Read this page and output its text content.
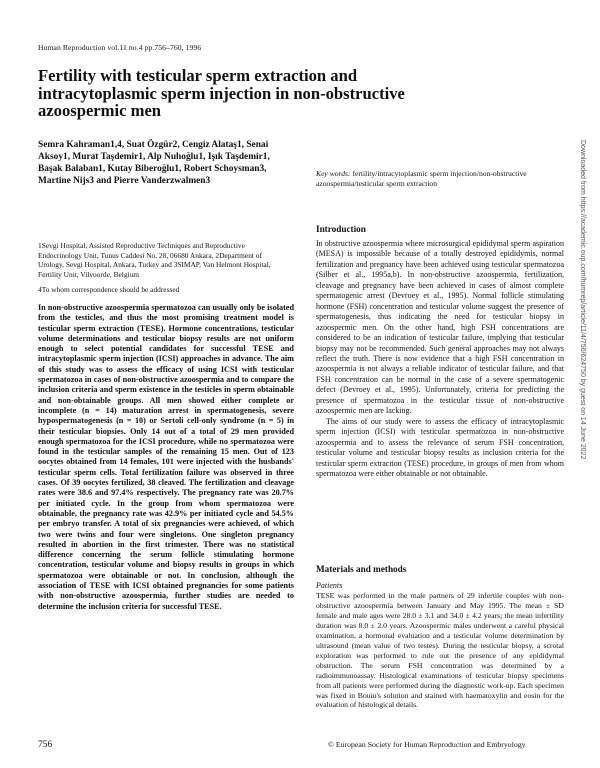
Human Reproduction vol.11 no.4 pp.756–760, 1996
Fertility with testicular sperm extraction and intracytoplasmic sperm injection in non-obstructive azoospermic men
Semra Kahraman1,4, Suat Özgür2, Cengiz Alataş1, Senai Aksoy1, Murat Taşdemir1, Alp Nuhoğlu1, Işık Taşdemir1, Başak Balaban1, Kutay Biberoğlu1, Robert Schoysman3, Martine Nijs3 and Pierre Vanderzwalmen3
1Sevgi Hospital, Assisted Reproductive Techniques and Reproductive Endocrinology Unit, Tunus Caddesi No. 28, 06680 Ankara, 2Department of Urology, Sevgi Hospital, Ankara, Turkey and 3SIMAP, Van Helmont Hospital, Fertility Unit, Vilvoorde, Belgium
4To whom correspondence should be addressed
In non-obstructive azoospermia spermatozoa can usually only be isolated from the testicles, and thus the most promising treatment model is testicular sperm extraction (TESE). Hormone concentrations, testicular volume determinations and testicular biopsy results are not uniform enough to select potential candidates for successful TESE and intracytoplasmic sperm injection (ICSI) approaches in advance. The aim of this study was to assess the efficacy of using ICSI with testicular spermatozoa in cases of non-obstructive azoospermia and to compare the inclusion criteria and sperm existence in the testicles in sperm obtainable and non-obtainable groups. All men showed either complete or incomplete (n = 14) maturation arrest in spermatogenesis, severe hypospermatogenesis (n = 10) or Sertoli cell-only syndrome (n = 5) in their testicular biopsies. Only 14 out of a total of 29 men provided enough spermatozoa for the ICSI procedure, while no spermatozoa were found in the testicular samples of the remaining 15 men. Out of 123 oocytes obtained from 14 females, 101 were injected with the husbands' testicular sperm cells. Total fertilization failure was observed in three cases. Of 39 oocytes fertilized, 38 cleaved. The fertilization and cleavage rates were 38.6 and 97.4% respectively. The pregnancy rate was 20.7% per initiated cycle. In the group from whom spermatozoa were obtainable, the pregnancy rate was 42.9% per initiated cycle and 54.5% per embryo transfer. A total of six pregnancies were achieved, of which two were twins and four were singletons. One singleton pregnancy resulted in abortion in the first trimester. There was no statistical difference concerning the serum follicle stimulating hormone concentration, testicular volume and biopsy results in groups in which spermatozoa were obtainable or not. In conclusion, although the association of TESE with ICSI obtained pregnancies for some patients with non-obstructive azoospermia, further studies are needed to determine the inclusion criteria for successful TESE.
Key words: fertility/intracytoplasmic sperm injection/non-obstructive azoospermia/testicular sperm extraction
Introduction

In obstructive azoospermia where microsurgical epididymal sperm aspiration (MESA) is impossible because of a totally destroyed epididymis, normal fertilization and pregnancy have been achieved using testicular spermatozoa (Silber et al., 1995a,b). In non-obstructive azoospermia, fertilization, cleavage and pregnancy have been achieved in cases of almost complete spermatogenic arrest (Devroey et al., 1995). Normal follicle stimulating hormone (FSH) concentration and testicular volume suggest the presence of spermatogenesis, thus indicating the need for testicular biopsy in azoospermic men. On the other hand, high FSH concentrations are considered to be an indication of testicular failure, implying that testicular biopsy may not be recommended. Such general approaches may not always reflect the truth. There is now evidence that a high FSH concentration in azoospermia is not always a reliable indicator of testicular failure, and that FSH concentration can be normal in the case of a severe spermatogenic defect (Devroey et al., 1995). Unfortunately, criteria for predicting the presence of spermatozoa in the testicular tissue of non-obstructive azoospermic men are lacking.

The aims of our study were to assess the efficacy of intracytoplasmic sperm injection (ICSI) with testicular spermatozoa in non-obstructive azoospermia and to assess the relevance of serum FSH concentration, testicular volume and testicular biopsy results as inclusion criteria for the testicular sperm extraction (TESE) procedure, in groups of men from whom spermatozoa were either obtainable or not obtainable.

Materials and methods
Patients
TESE was performed in the male partners of 29 infertile couples with non-obstructive azoospermia between January and May 1995. The mean ± SD female and male ages were 28.0 ± 3.1 and 34.0 ± 4.2 years; the mean infertility duration was 8.0 ± 2.0 years. Azoospermic males underwent a careful physical examination, a hormonal evaluation and a testicular volume determination by ultrasound (mean value of two testes). During the testicular biopsy, a scrotal exploration was performed to rule out the presence of any epididymal obstruction. The serum FSH concentration was determined by a radioimmunoassay. Histological examinations of testicular biopsy specimens from all patients were performed during the diagnostic work-up. Each specimen was fixed in Bouin's solution and stained with haematoxylin and eosin for the evaluation of histological details.
756	© European Society for Human Reproduction and Embryology
Downloaded from https://academic.oup.com/humrep/article/11/4/756/624750 by guest on 14 June 2022
